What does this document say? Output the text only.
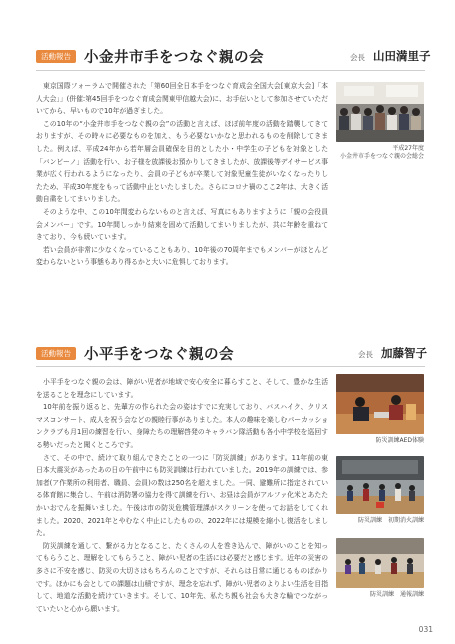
活動報告 小金井市手をつなぐ親の会	会長 山田満里子

東京国際フォーラムで開催された「第60回全日本手をつなぐ育成会全国大会[東京大会]「本人大会」」(併催:第45回手をつなぐ育成会関東甲信越大会)に、お手伝いとして参加させていただいてから、早いもので10年が過ぎました。

この10年の“小金井市手をつなぐ親の会”の活動と言えば、ほぼ前年度の活動を踏襲してきておりますが、その時々に必要なものを加え、もう必要ないかなと思われるものを削除してきました。例えば、平成24年から若年層会員確保を目的とした小・中学生の子どもを対象とした「バンビーノ」活動を行い、お子様を放課後お預かりしてきましたが、放課後等デイサービス事業が広く行われるようになったり、会員の子どもが卒業して対象児童生徒がいなくなったりしたため、平成30年度をもって活動中止といたしました。さらにコロナ禍のここ2年は、大きく活動自粛をしてまいりました。

そのような中、この10年間変わらないものと言えば、写真にもありますように「親の会役員会メンバー」です。10年間しっかり結束を固めて活動してまいりましたが、共に年齢を重ねてきており、今も続いています。

若い会員が非常に少なくなっていることもあり、10年後の70周年までもメンバーがほとんど変わらないという事態もあり得るかと大いに危惧しております。

平成27年度
小金井市手をつなぐ親の会総会
活動報告 小平手をつなぐ親の会	会長 加藤智子

小平手をつなぐ親の会は、障がい児者が地域で安心安全に暮らすこと、そして、豊かな生活を送ることを理念にしています。

10年前を振り返ると、先輩方の作られた会の姿はすでに充実しており、バスハイク、クリスマスコンサート、成人を祝う会などの親睦行事がありました。本人の趣味を楽しむパーカッションクラブも月1回の練習を行い、身障たちの理解啓発のキャラバン隊活動も各小中学校を巡回する勢いだったと聞くところです。

さて、その中で、続けて取り組んできたことの一つに「防災訓練」があります。11年前の東日本大震災があったあの日の午前中にも防災訓練は行われていました。2019年の訓練では、参加者(ア作業所の利用者、職員、会員)の数は250名を超えました。一同、避難所に指定されている体育館に集合し、午前は消防署の協力を得て訓練を行い、お昼は会員がアルファ化米とあたたかいおでんを振舞いました。午後は市の防災危機管理課がスクリーンを使ってお話をしてくれました。2020、2021年とやむなく中止にしたものの、2022年には規模を縮小し復活をしました。

防災訓練を通して、繋がる力となること、たくさんの人を巻き込んで、障がいのことを知ってもらうこと、理解をしてもらうこと、障がい児者の生活には必要だと感じます。近年の災害の多さに不安を感じ、防災の大切さはもちろんのことですが、それらは日常に通じるものばかりです。ほかにも会としての課題は山積ですが、理念を忘れず、障がい児者のよりよい生活を目指して、地道な活動を続けていきます。そして、10年先、私たち親も社会も大きな輪でつながっていたいと心から願います。

防災訓練AED体験
防災訓練　初期消火訓練
防災訓練　通報訓練
031
